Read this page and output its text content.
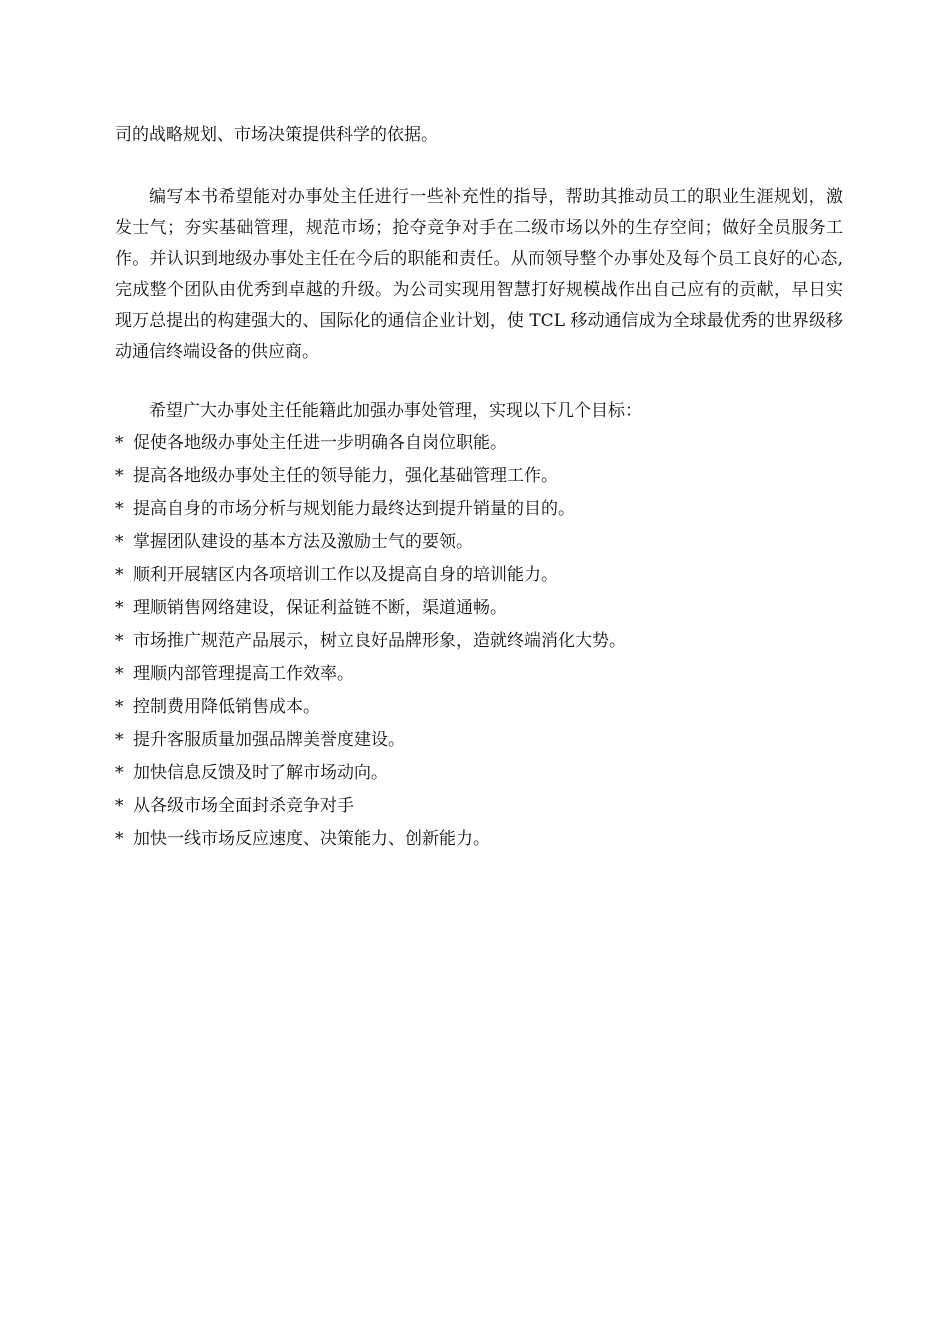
司的战略规划、市场决策提供科学的依据。

编写本书希望能对办事处主任进行一些补充性的指导，帮助其推动员工的职业生涯规划，激发士气；夯实基础管理，规范市场；抢夺竞争对手在二级市场以外的生存空间；做好全员服务工作。并认识到地级办事处主任在今后的职能和责任。从而领导整个办事处及每个员工良好的心态,完成整个团队由优秀到卓越的升级。为公司实现用智慧打好规模战作出自己应有的贡献，早日实现万总提出的构建强大的、国际化的通信企业计划，使 TCL 移动通信成为全球最优秀的世界级移动通信终端设备的供应商。

希望广大办事处主任能籍此加强办事处管理，实现以下几个目标：

* 促使各地级办事处主任进一步明确各自岗位职能。
* 提高各地级办事处主任的领导能力，强化基础管理工作。
* 提高自身的市场分析与规划能力最终达到提升销量的目的。
* 掌握团队建设的基本方法及激励士气的要领。
* 顺利开展辖区内各项培训工作以及提高自身的培训能力。
* 理顺销售网络建设，保证利益链不断，渠道通畅。
* 市场推广规范产品展示，树立良好品牌形象，造就终端消化大势。
* 理顺内部管理提高工作效率。
* 控制费用降低销售成本。
* 提升客服质量加强品牌美誉度建设。
* 加快信息反馈及时了解市场动向。
* 从各级市场全面封杀竞争对手
* 加快一线市场反应速度、决策能力、创新能力。
